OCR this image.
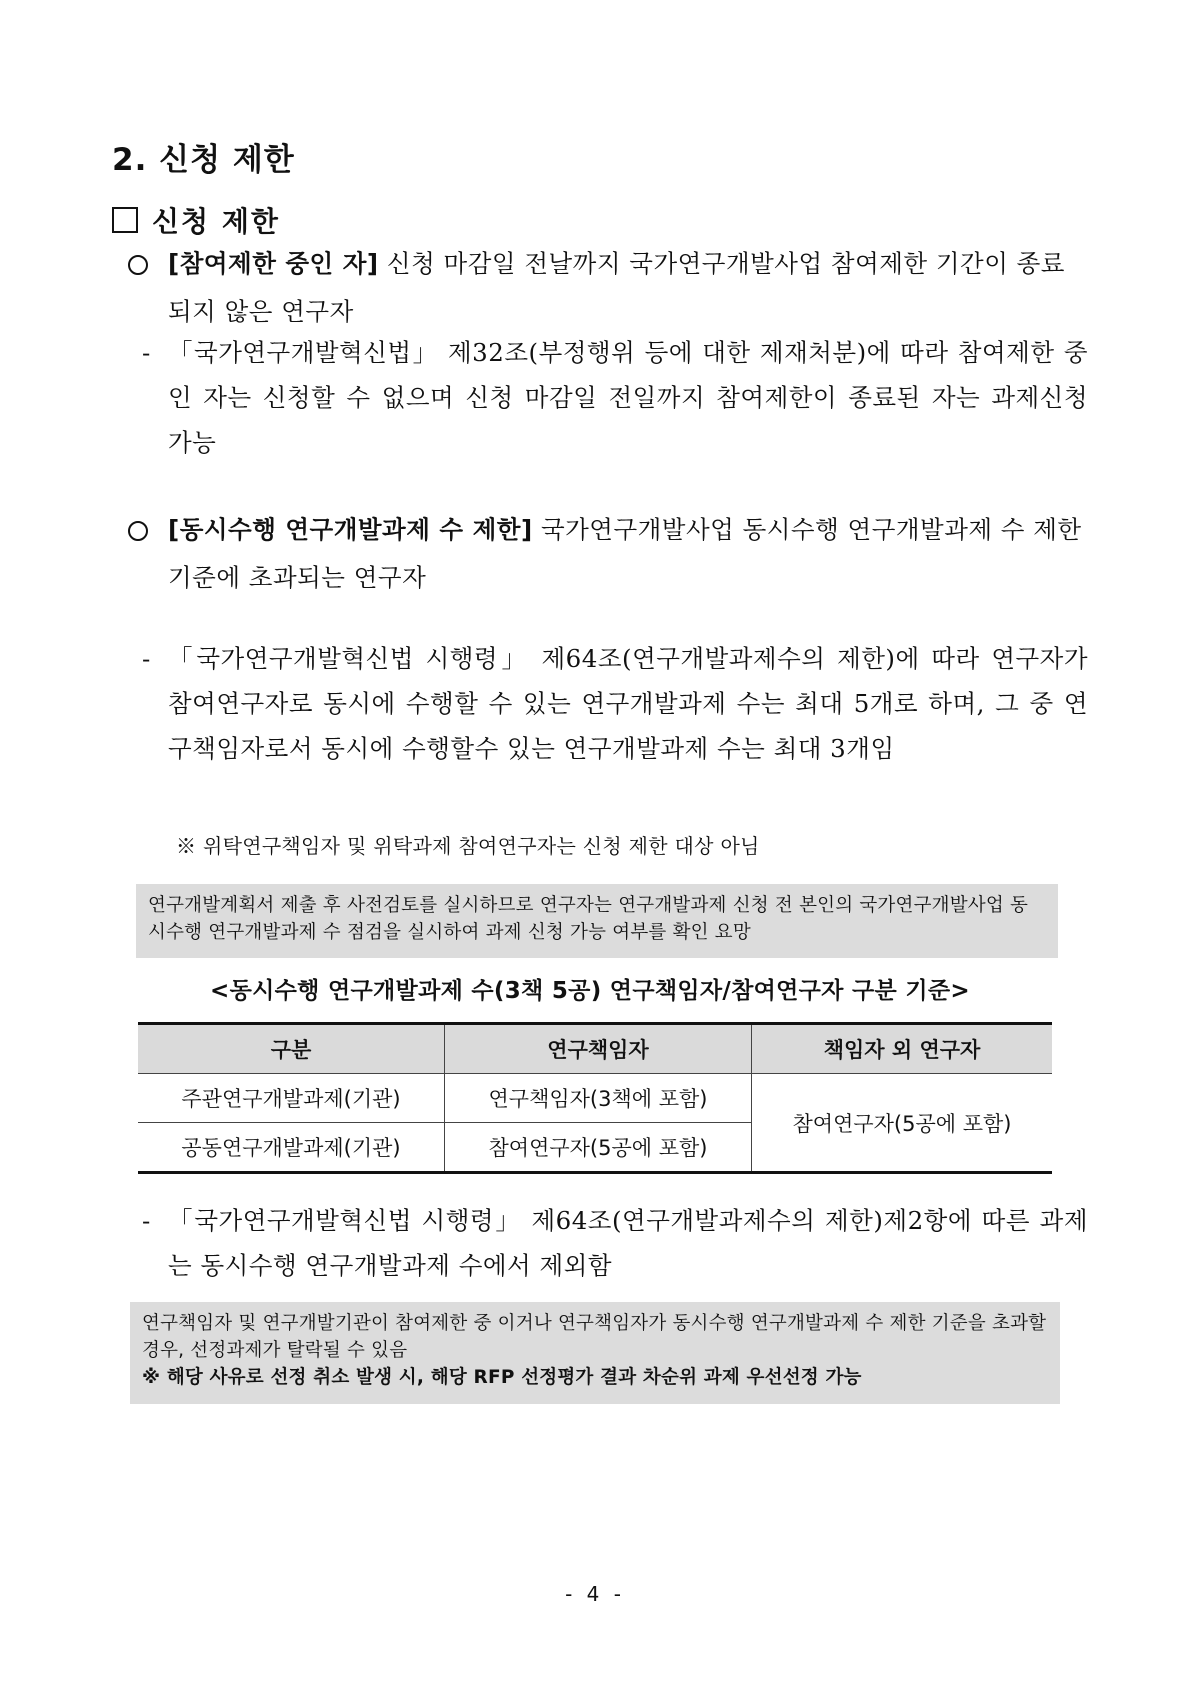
2. 신청 제한
신청 제한
[참여제한 중인 자] 신청 마감일 전날까지 국가연구개발사업 참여제한 기간이 종료되지 않은 연구자
- 「국가연구개발혁신법」 제32조(부정행위 등에 대한 제재처분)에 따라 참여제한 중인 자는 신청할 수 없으며 신청 마감일 전일까지 참여제한이 종료된 자는 과제신청 가능
[동시수행 연구개발과제 수 제한] 국가연구개발사업 동시수행 연구개발과제 수 제한 기준에 초과되는 연구자
- 「국가연구개발혁신법 시행령」 제64조(연구개발과제수의 제한)에 따라 연구자가 참여연구자로 동시에 수행할 수 있는 연구개발과제 수는 최대 5개로 하며, 그 중 연구책임자로서 동시에 수행할수 있는 연구개발과제 수는 최대 3개임
※ 위탁연구책임자 및 위탁과제 참여연구자는 신청 제한 대상 아님
연구개발계획서 제출 후 사전검토를 실시하므로 연구자는 연구개발과제 신청 전 본인의 국가연구개발사업 동시수행 연구개발과제 수 점검을 실시하여 과제 신청 가능 여부를 확인 요망
<동시수행 연구개발과제 수(3책 5공) 연구책임자/참여연구자 구분 기준>
구분	연구책임자	책임자 외 연구자
주관연구개발과제(기관)	연구책임자(3책에 포함)	참여연구자(5공에 포함)
공동연구개발과제(기관)	참여연구자(5공에 포함)	
- 「국가연구개발혁신법 시행령」 제64조(연구개발과제수의 제한)제2항에 따른 과제는 동시수행 연구개발과제 수에서 제외함
연구책임자 및 연구개발기관이 참여제한 중 이거나 연구책임자가 동시수행 연구개발과제 수 제한 기준을 초과할 경우, 선정과제가 탈락될 수 있음
※ 해당 사유로 선정 취소 발생 시, 해당 RFP 선정평가 결과 차순위 과제 우선선정 가능
- 4 -
